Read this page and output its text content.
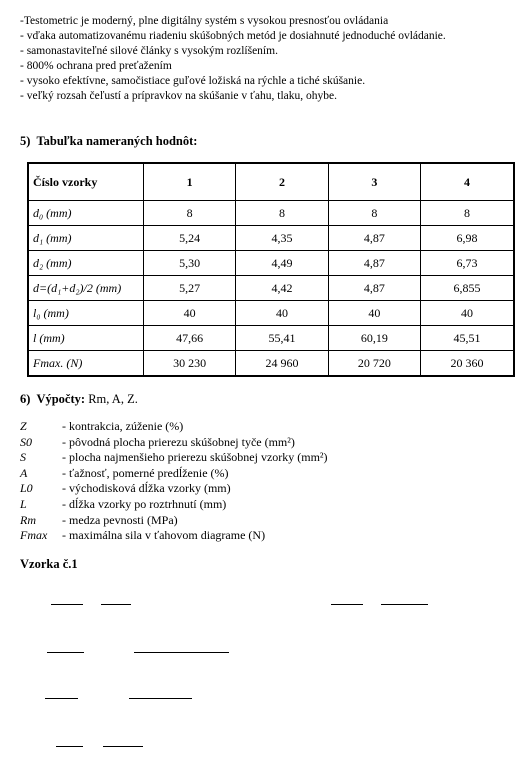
-Testometric je moderný, plne digitálny systém s vysokou presnosťou ovládania
- vďaka automatizovanému riadeniu skúšobných metód je dosiahnuté jednoduché ovládanie.
- samonastaviteľné silové články s vysokým rozlíšením.
- 800% ochrana pred preťažením
- vysoko efektívne, samočistiace guľové ložiská na rýchle a tiché skúšanie.
- veľký rozsah čeľustí a prípravkov na skúšanie v ťahu, tlaku, ohybe.
5) Tabuľka nameraných hodnôt:
Číslo vzorky	1	2	3	4
d₀ (mm)	8	8	8	8
d₁ (mm)	5,24	4,35	4,87	6,98
d₂ (mm)	5,30	4,49	4,87	6,73
d=(d₁+d₂)/2 (mm)	5,27	4,42	4,87	6,855
l₀ (mm)	40	40	40	40
l (mm)	47,66	55,41	60,19	45,51
Fmax. (N)	30 230	24 960	20 720	20 360
6) Výpočty: Rm, A, Z.
Z	- kontrakcia, zúženie (%)
S0	- pôvodná plocha prierezu skúšobnej tyče (mm²)
S	- plocha najmenšieho prierezu skúšobnej vzorky (mm²)
A	- ťažnosť, pomerné predĺženie (%)
L0	- východisková dĺžka vzorky (mm)
L	- dĺžka vzorky po roztrhnutí (mm)
Rm	- medza pevnosti (MPa)
Fmax	- maximálna sila v ťahovom diagrame (N)
Vzorka č.1
